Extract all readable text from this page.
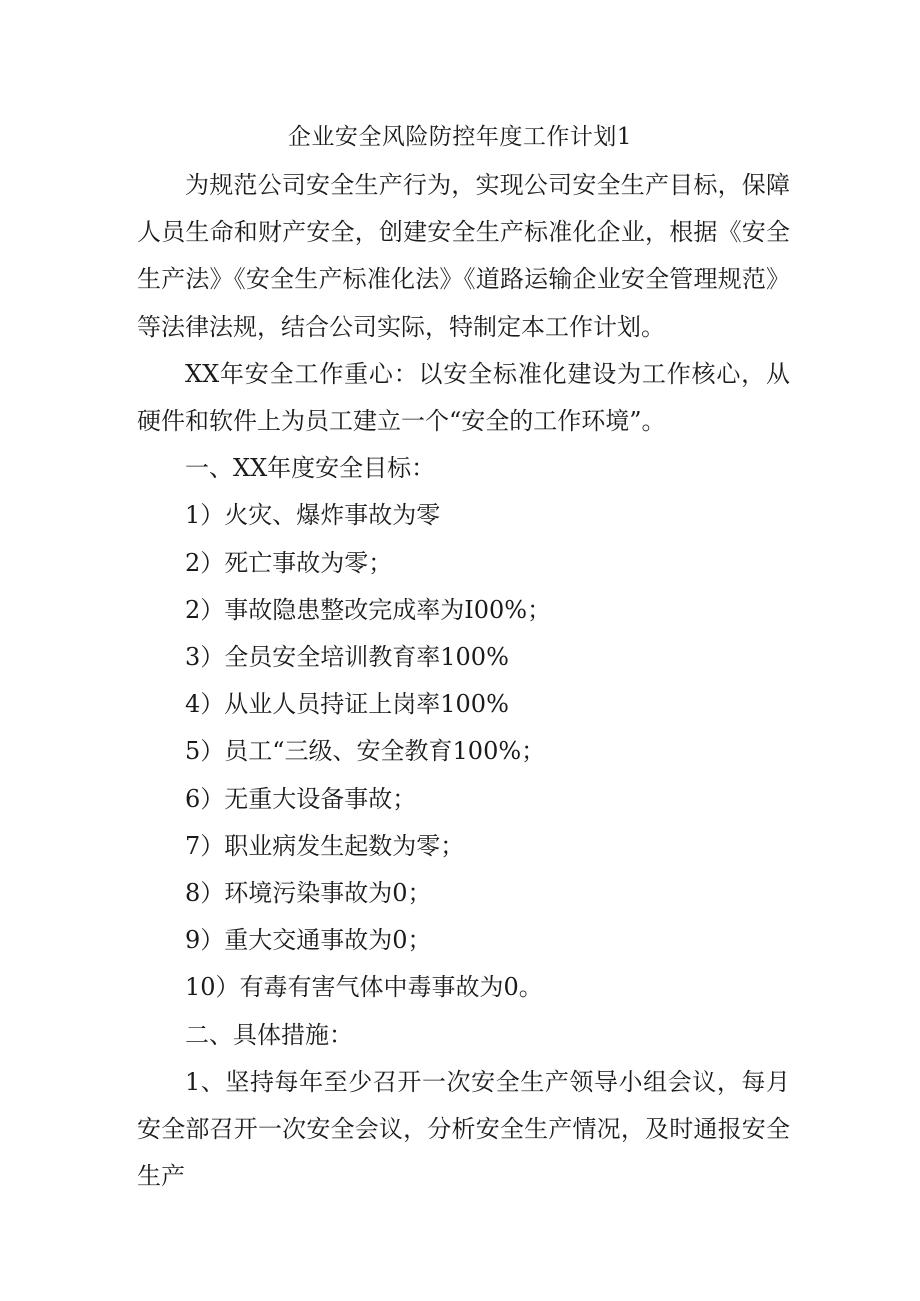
企业安全风险防控年度工作计划1

为规范公司安全生产行为，实现公司安全生产目标，保障人员生命和财产安全，创建安全生产标准化企业，根据《安全生产法》《安全生产标准化法》《道路运输企业安全管理规范》等法律法规，结合公司实际，特制定本工作计划。

XX年安全工作重心：以安全标准化建设为工作核心，从硬件和软件上为员工建立一个“安全的工作环境”。

一、XX年度安全目标：

1）火灾、爆炸事故为零

2）死亡事故为零；

2）事故隐患整改完成率为I00%；

3）全员安全培训教育率100%

4）从业人员持证上岗率100%

5）员工“三级、安全教育100%；

6）无重大设备事故；

7）职业病发生起数为零；

8）环境污染事故为0；

9）重大交通事故为0；

10）有毒有害气体中毒事故为0。

二、具体措施：

1、坚持每年至少召开一次安全生产领导小组会议，每月安全部召开一次安全会议，分析安全生产情况，及时通报安全生产
